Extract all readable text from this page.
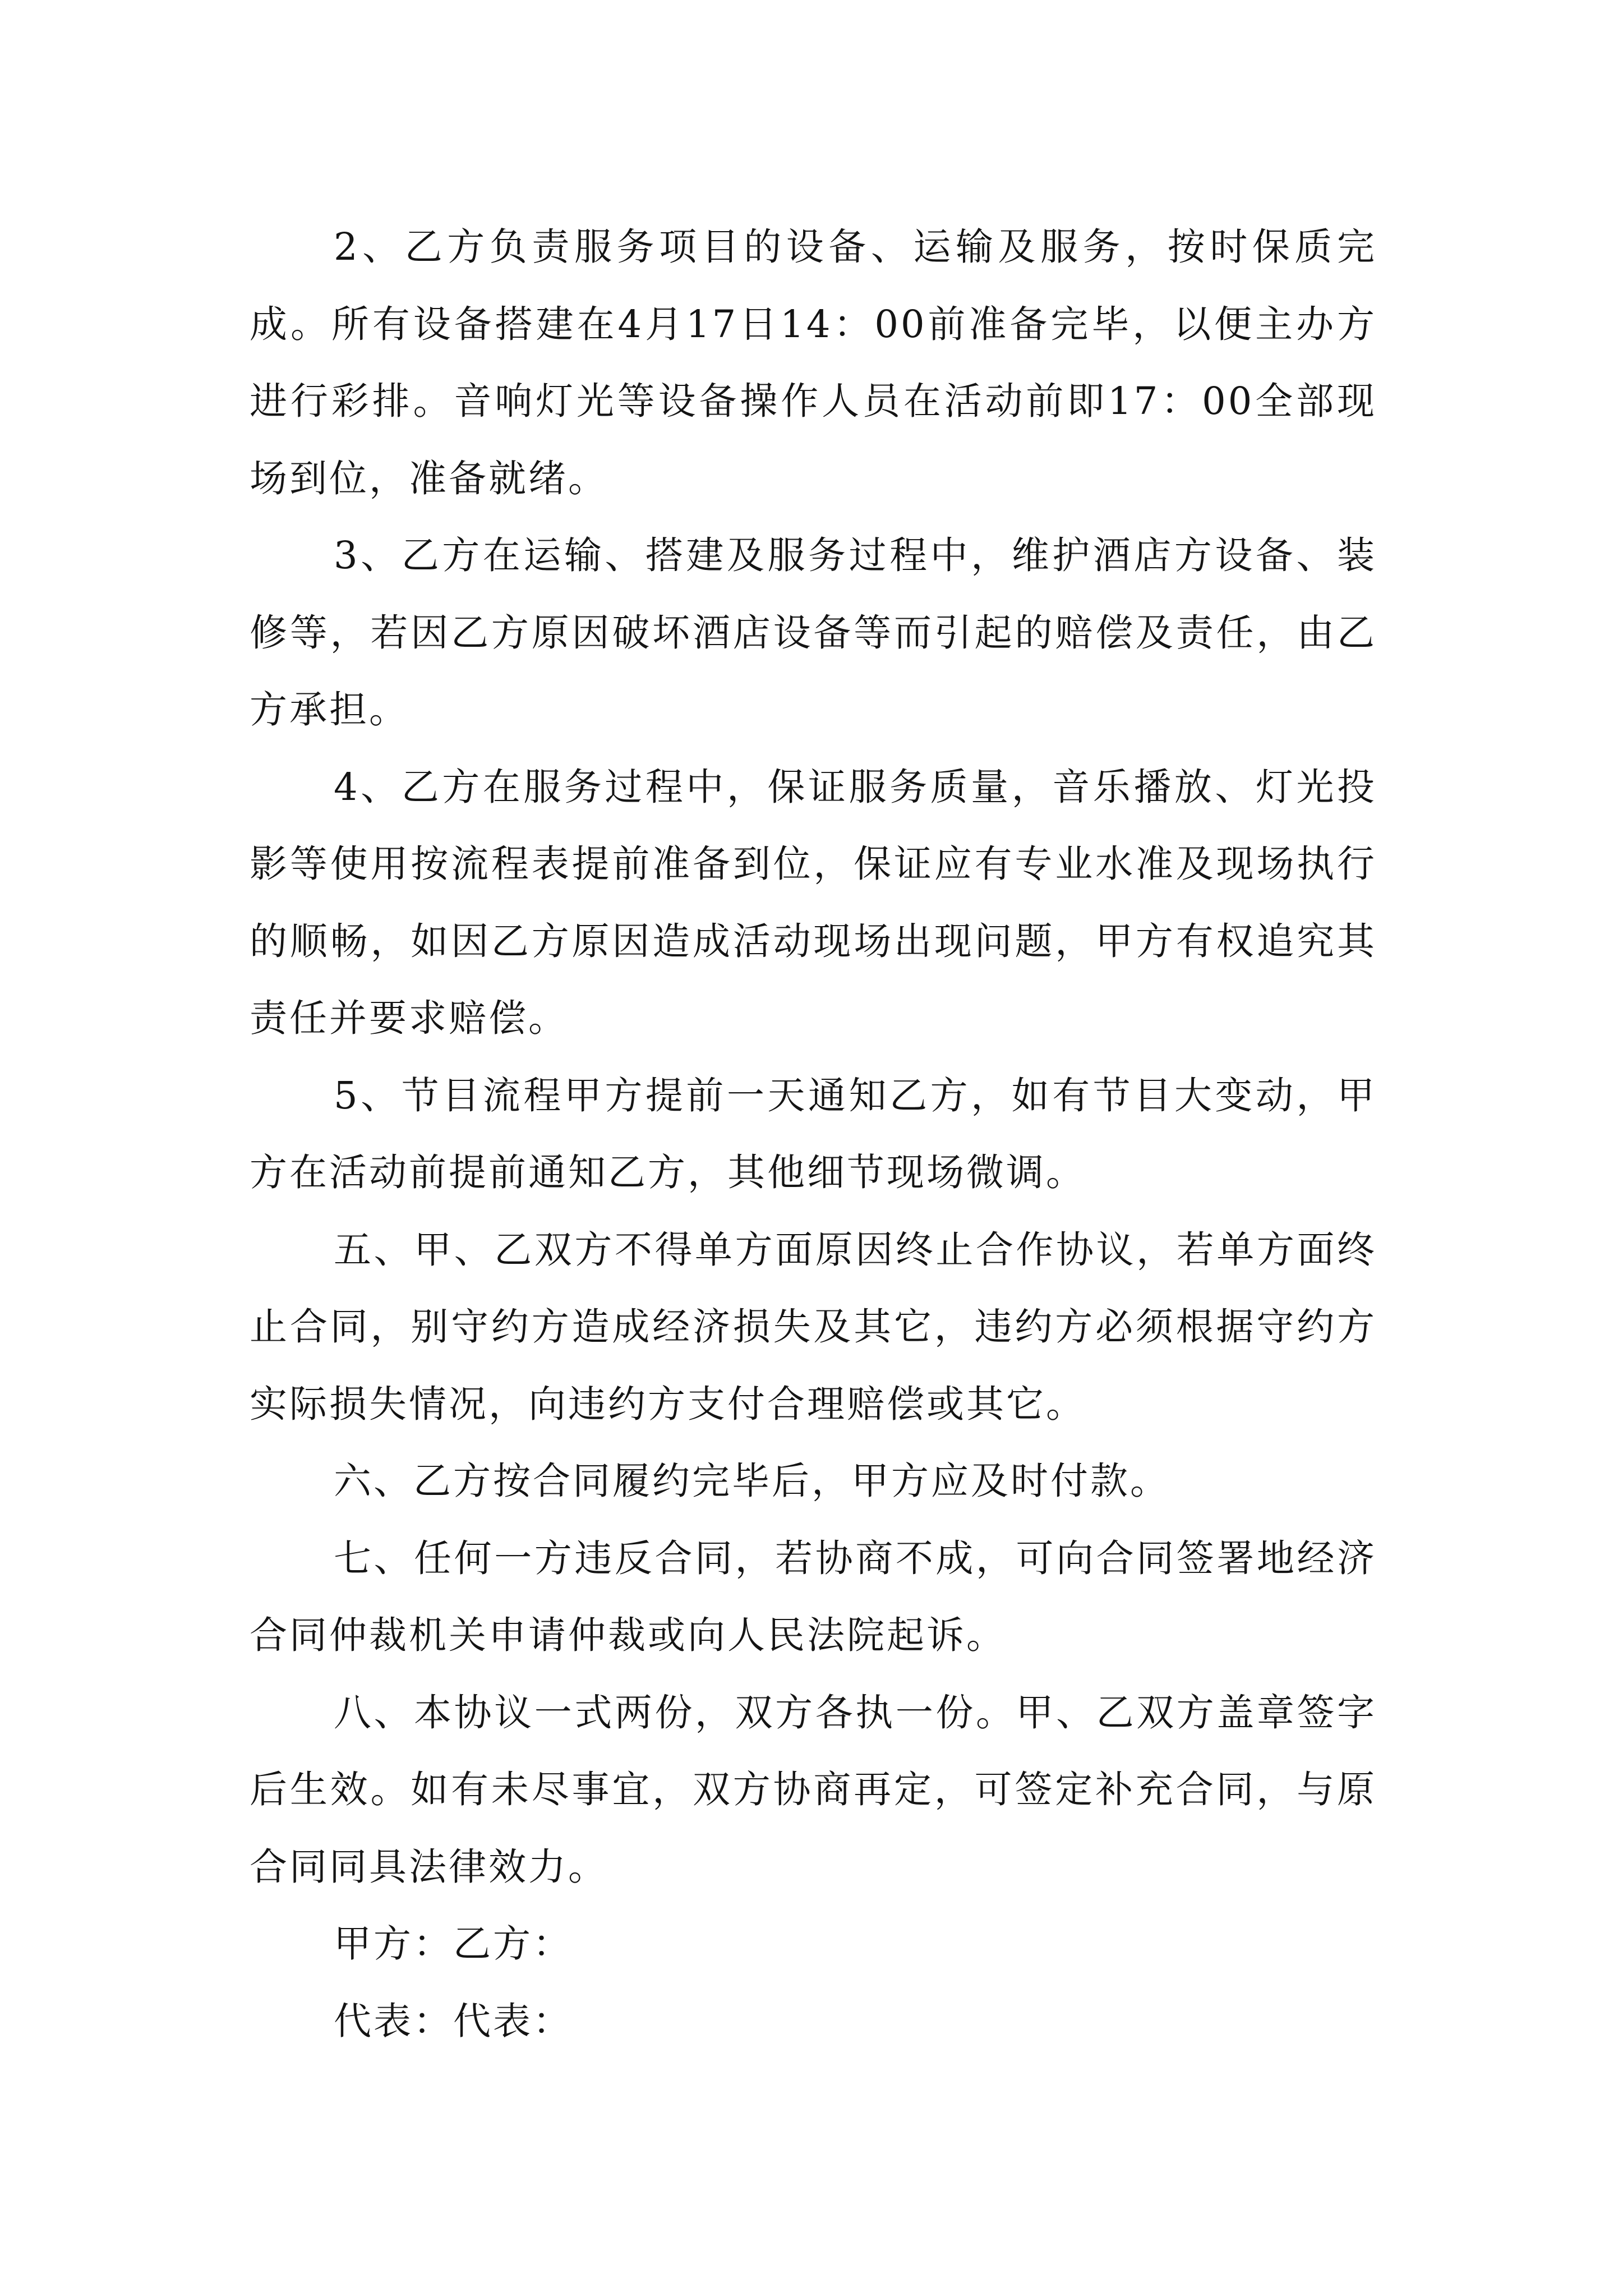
2、乙方负责服务项目的设备、运输及服务，按时保质完成。所有设备搭建在4月17日14：00前准备完毕，以便主办方进行彩排。音响灯光等设备操作人员在活动前即17：00全部现场到位，准备就绪。

3、乙方在运输、搭建及服务过程中，维护酒店方设备、装修等，若因乙方原因破坏酒店设备等而引起的赔偿及责任，由乙方承担。

4、乙方在服务过程中，保证服务质量，音乐播放、灯光投影等使用按流程表提前准备到位，保证应有专业水准及现场执行的顺畅，如因乙方原因造成活动现场出现问题，甲方有权追究其责任并要求赔偿。

5、节目流程甲方提前一天通知乙方，如有节目大变动，甲方在活动前提前通知乙方，其他细节现场微调。

五、甲、乙双方不得单方面原因终止合作协议，若单方面终止合同，别守约方造成经济损失及其它，违约方必须根据守约方实际损失情况，向违约方支付合理赔偿或其它。

六、乙方按合同履约完毕后，甲方应及时付款。

七、任何一方违反合同，若协商不成，可向合同签署地经济合同仲裁机关申请仲裁或向人民法院起诉。

八、本协议一式两份，双方各执一份。甲、乙双方盖章签字后生效。如有未尽事宜，双方协商再定，可签定补充合同，与原合同同具法律效力。

甲方：乙方：

代表：代表：
